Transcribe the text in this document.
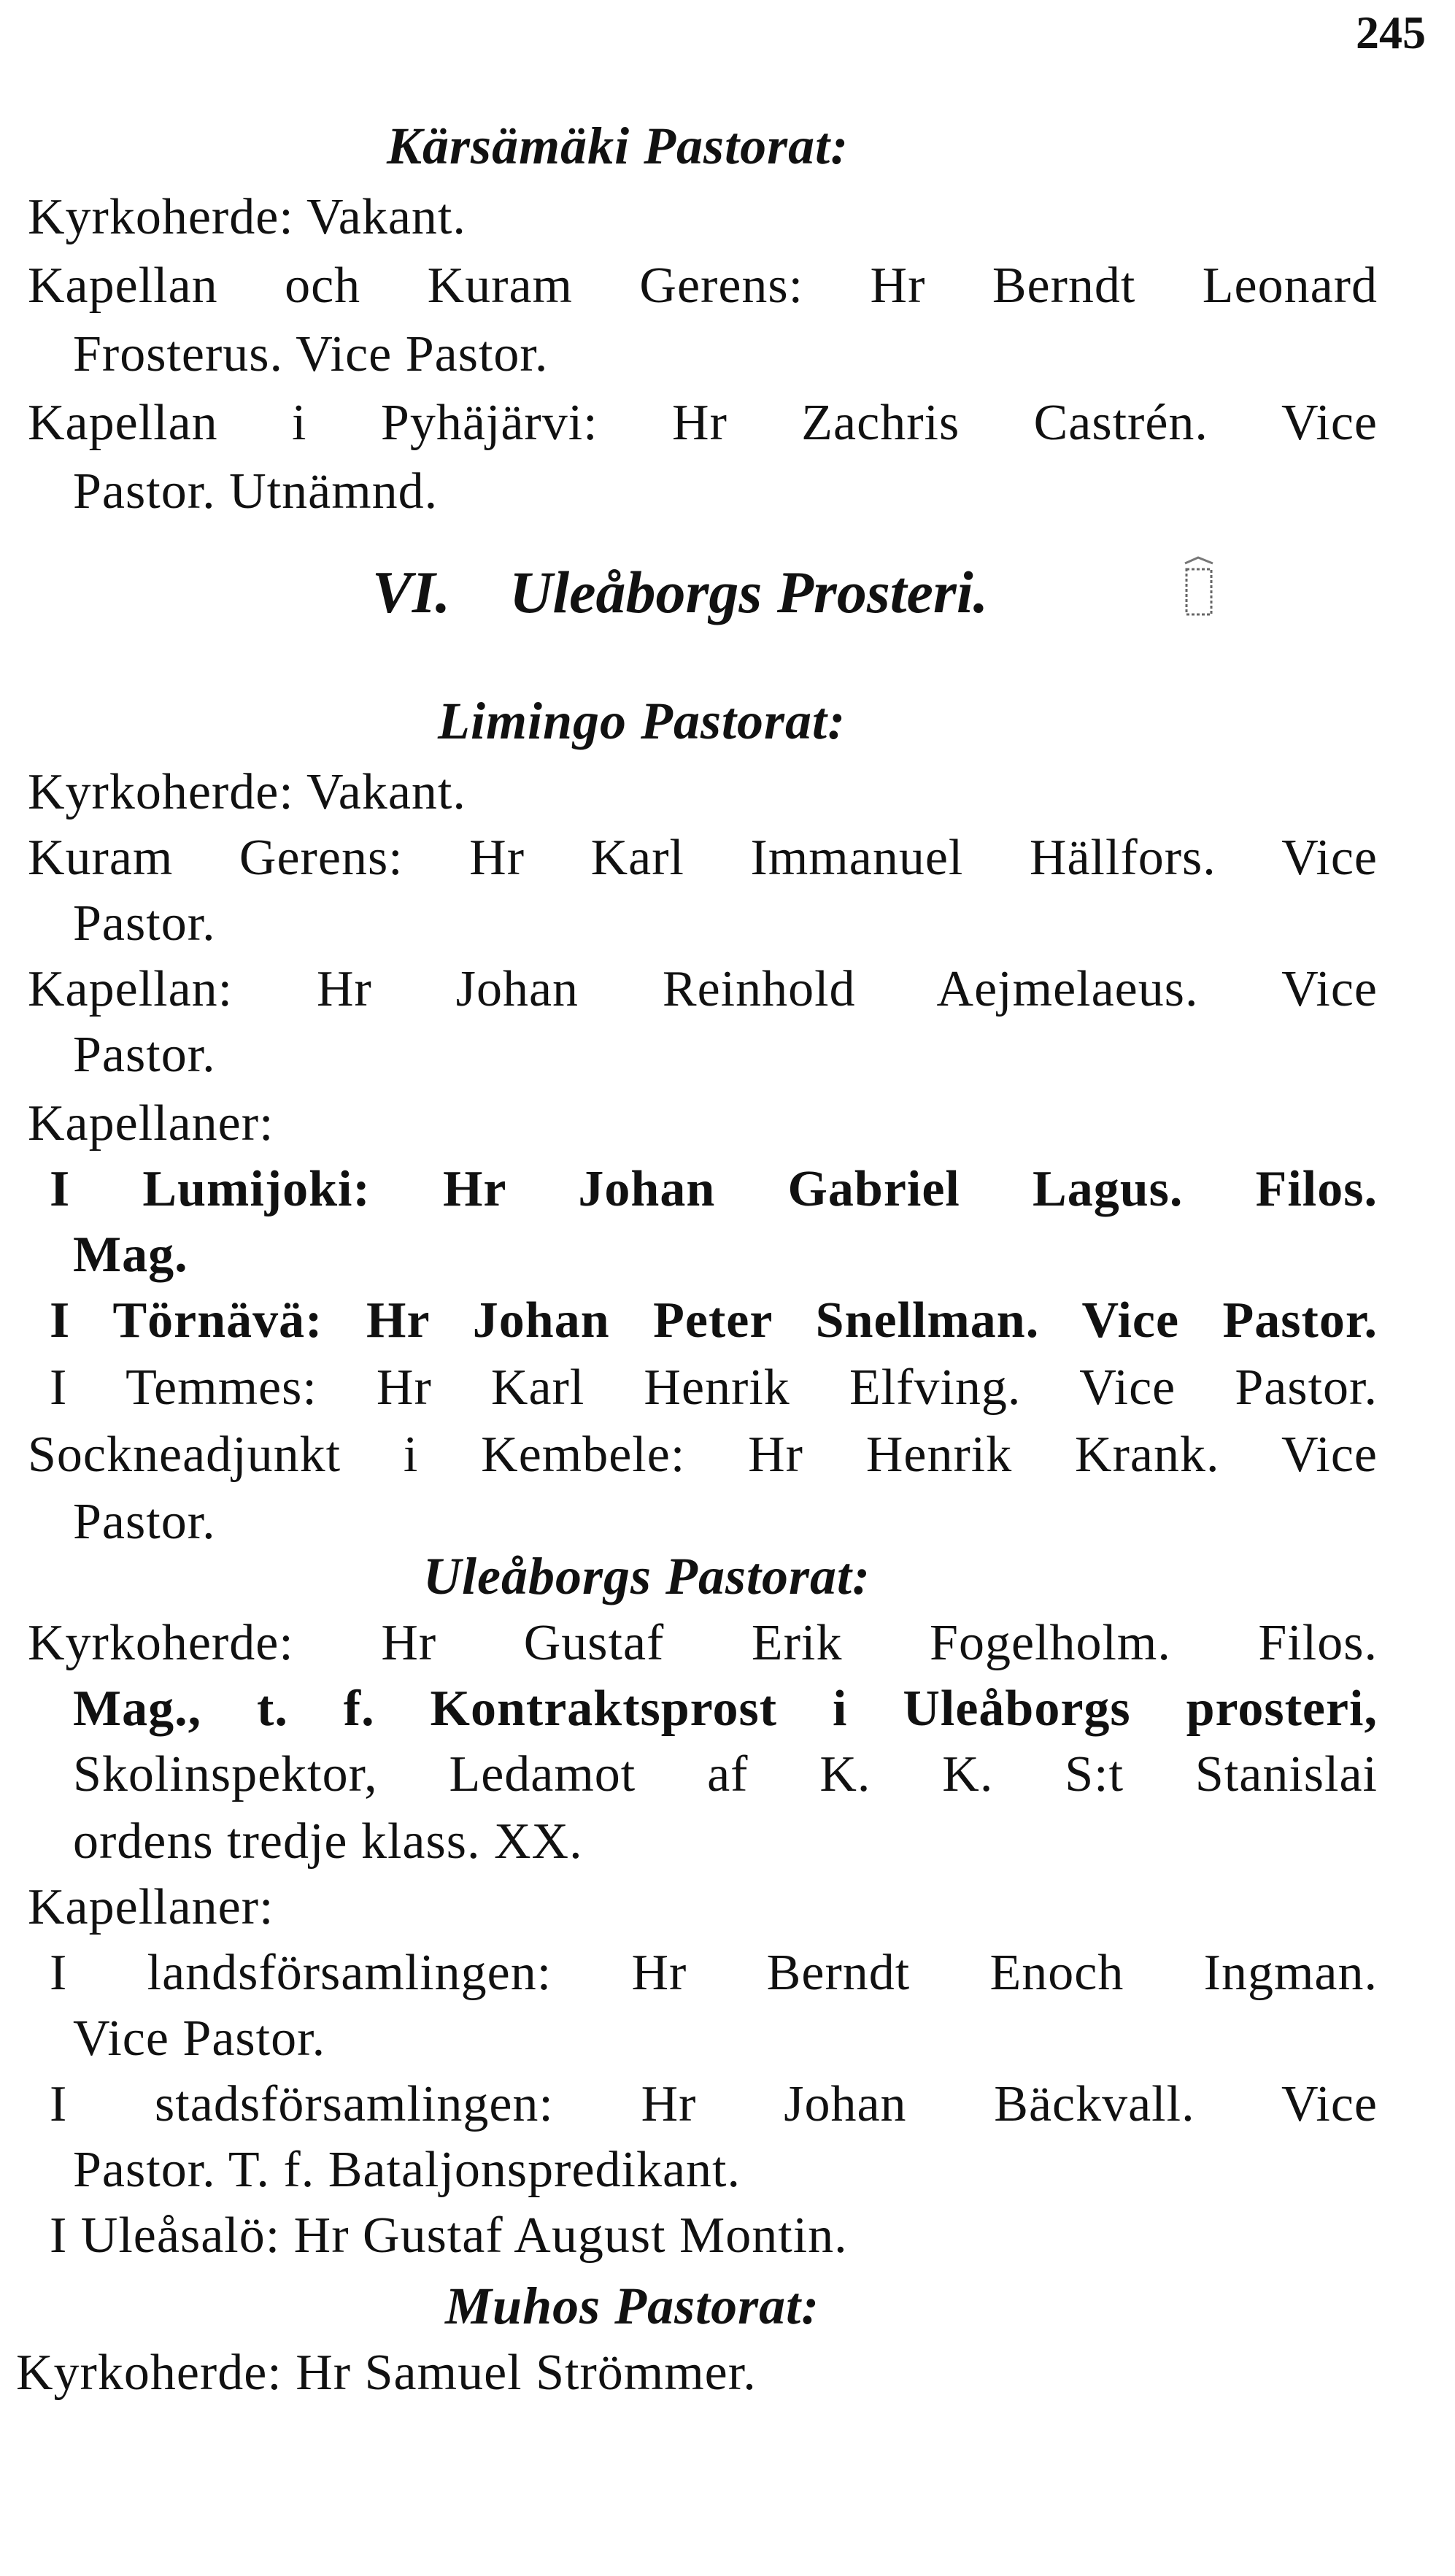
245
Kärsämäki Pastorat:
Kyrkoherde: Vakant.
Kapellan och Kuram Gerens: Hr Berndt Leonard
Frosterus. Vice Pastor.
Kapellan i Pyhäjärvi: Hr Zachris Castrén. Vice
Pastor. Utnämnd.
VI. Uleåborgs Prosteri.
Limingo Pastorat:
Kyrkoherde: Vakant.
Kuram Gerens: Hr Karl Immanuel Hällfors. Vice
Pastor.
Kapellan: Hr Johan Reinhold Aejmelaeus. Vice
Pastor.
Kapellaner:
I Lumijoki: Hr Johan Gabriel Lagus. Filos.
Mag.
I Törnävä: Hr Johan Peter Snellman. Vice Pastor.
I Temmes: Hr Karl Henrik Elfving. Vice Pastor.
Sockneadjunkt i Kembele: Hr Henrik Krank. Vice
Pastor.
Uleåborgs Pastorat:
Kyrkoherde: Hr Gustaf Erik Fogelholm. Filos.
Mag., t. f. Kontraktsprost i Uleåborgs prosteri,
Skolinspektor, Ledamot af K. K. S:t Stanislai
ordens tredje klass. XX.
Kapellaner:
I landsförsamlingen: Hr Berndt Enoch Ingman.
Vice Pastor.
I stadsförsamlingen: Hr Johan Bäckvall. Vice
Pastor. T. f. Bataljonspredikant.
I Uleåsalö: Hr Gustaf August Montin.
Muhos Pastorat:
Kyrkoherde: Hr Samuel Strömmer.
